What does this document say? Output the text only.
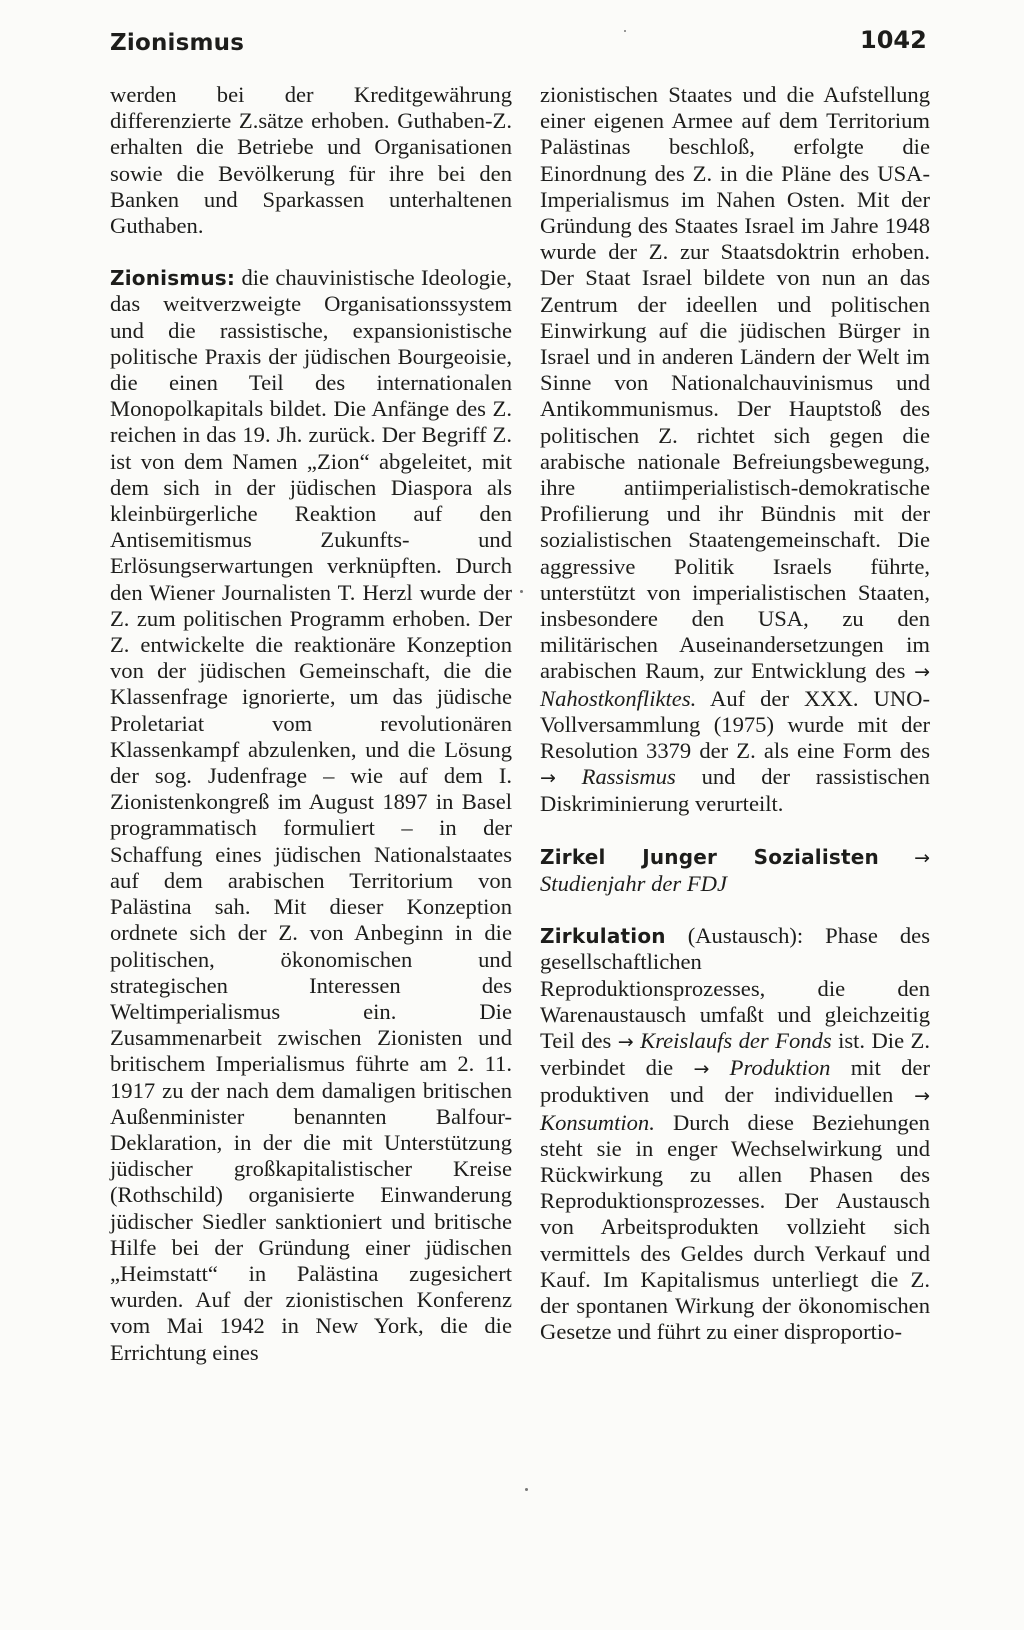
Zionismus	1042

werden bei der Kreditgewährung differenzierte Z.sätze erhoben. Guthaben-Z. erhalten die Betriebe und Organisationen sowie die Bevölkerung für ihre bei den Banken und Sparkassen unterhaltenen Guthaben.

Zionismus: die chauvinistische Ideologie, das weitverzweigte Organisationssystem und die rassistische, expansionistische politische Praxis der jüdischen Bourgeoisie, die einen Teil des internationalen Monopolkapitals bildet. Die Anfänge des Z. reichen in das 19. Jh. zurück. Der Begriff Z. ist von dem Namen „Zion“ abgeleitet, mit dem sich in der jüdischen Diaspora als kleinbürgerliche Reaktion auf den Antisemitismus Zukunfts- und Erlösungserwartungen verknüpften. Durch den Wiener Journalisten T. Herzl wurde der Z. zum politischen Programm erhoben. Der Z. entwickelte die reaktionäre Konzeption von der jüdischen Gemeinschaft, die die Klassenfrage ignorierte, um das jüdische Proletariat vom revolutionären Klassenkampf abzulenken, und die Lösung der sog. Judenfrage – wie auf dem I. Zionistenkongreß im August 1897 in Basel programmatisch formuliert – in der Schaffung eines jüdischen Nationalstaates auf dem arabischen Territorium von Palästina sah. Mit dieser Konzeption ordnete sich der Z. von Anbeginn in die politischen, ökonomischen und strategischen Interessen des Weltimperialismus ein. Die Zusammenarbeit zwischen Zionisten und britischem Imperialismus führte am 2. 11. 1917 zu der nach dem damaligen britischen Außenminister benannten Balfour-Deklaration, in der die mit Unterstützung jüdischer großkapitalistischer Kreise (Rothschild) organisierte Einwanderung jüdischer Siedler sanktioniert und britische Hilfe bei der Gründung einer jüdischen „Heimstatt“ in Palästina zugesichert wurden. Auf der zionistischen Konferenz vom Mai 1942 in New York, die die Errichtung eines

zionistischen Staates und die Aufstellung einer eigenen Armee auf dem Territorium Palästinas beschloß, erfolgte die Einordnung des Z. in die Pläne des USA-Imperialismus im Nahen Osten. Mit der Gründung des Staates Israel im Jahre 1948 wurde der Z. zur Staatsdoktrin erhoben. Der Staat Israel bildete von nun an das Zentrum der ideellen und politischen Einwirkung auf die jüdischen Bürger in Israel und in anderen Ländern der Welt im Sinne von Nationalchauvinismus und Antikommunismus. Der Hauptstoß des politischen Z. richtet sich gegen die arabische nationale Befreiungsbewegung, ihre antiimperialistisch-demokratische Profilierung und ihr Bündnis mit der sozialistischen Staatengemeinschaft. Die aggressive Politik Israels führte, unterstützt von imperialistischen Staaten, insbesondere den USA, zu den militärischen Auseinandersetzungen im arabischen Raum, zur Entwicklung des → Nahostkonfliktes. Auf der XXX. UNO-Vollversammlung (1975) wurde mit der Resolution 3379 der Z. als eine Form des → Rassismus und der rassistischen Diskriminierung verurteilt.

Zirkel Junger Sozialisten → Studienjahr der FDJ

Zirkulation (Austausch): Phase des gesellschaftlichen Reproduktionsprozesses, die den Warenaustausch umfaßt und gleichzeitig Teil des → Kreislaufs der Fonds ist. Die Z. verbindet die → Produktion mit der produktiven und der individuellen → Konsumtion. Durch diese Beziehungen steht sie in enger Wechselwirkung und Rückwirkung zu allen Phasen des Reproduktionsprozesses. Der Austausch von Arbeitsprodukten vollzieht sich vermittels des Geldes durch Verkauf und Kauf. Im Kapitalismus unterliegt die Z. der spontanen Wirkung der ökonomischen Gesetze und führt zu einer disproportio-
